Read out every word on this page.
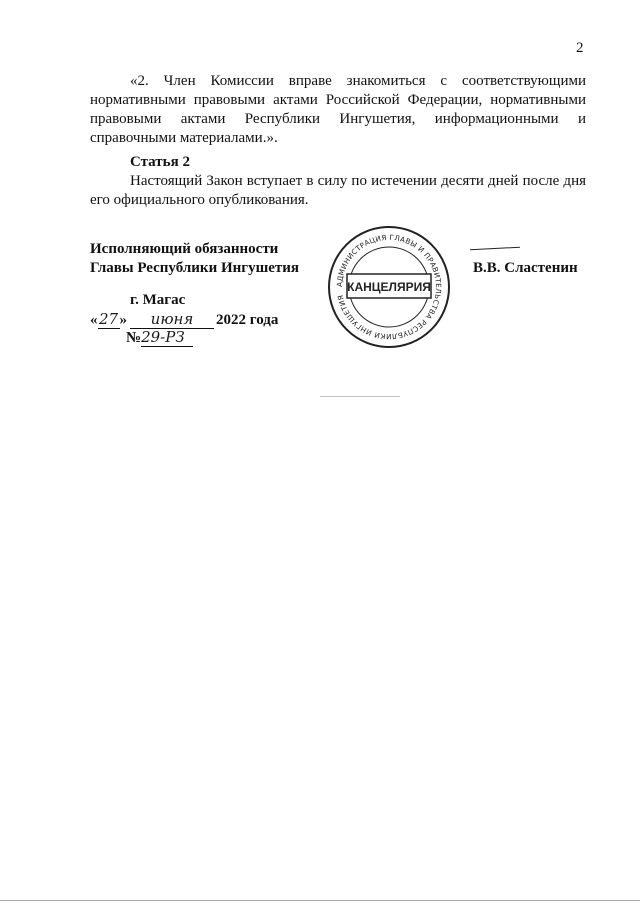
2
«2. Член Комиссии вправе знакомиться с соответствующими нормативными правовыми актами Российской Федерации, нормативными правовыми актами Республики Ингушетия, информационными и справочными материалами.».
Статья 2
Настоящий Закон вступает в силу по истечении десяти дней после дня его официального опубликования.
Исполняющий обязанности
Главы Республики Ингушетия	В.В. Сластенин
г. Магас
« 27 »	июня	2022 года
№ 29-РЗ
АДМИНИСТРАЦИЯ ГЛАВЫ И ПРАВИТЕЛЬСТВА РЕСПУБЛИКИ ИНГУШЕТИЯ
КАНЦЕЛЯРИЯ
